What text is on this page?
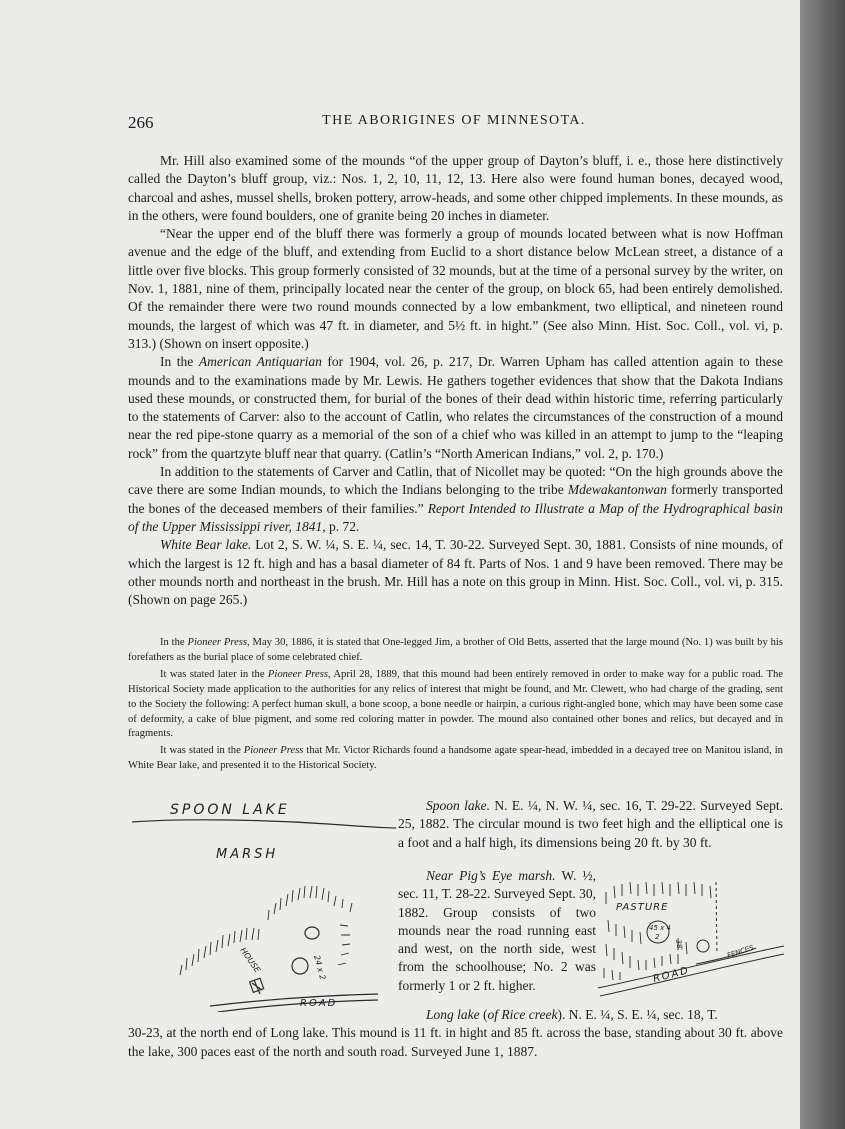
266	THE ABORIGINES OF MINNESOTA.

Mr. Hill also examined some of the mounds “of the upper group of Dayton’s bluff, i. e., those here distinctively called the Dayton’s bluff group, viz.: Nos. 1, 2, 10, 11, 12, 13. Here also were found human bones, decayed wood, charcoal and ashes, mussel shells, broken pottery, arrow-heads, and some other chipped implements. In these mounds, as in the others, were found boulders, one of granite being 20 inches in diameter.

“Near the upper end of the bluff there was formerly a group of mounds located between what is now Hoffman avenue and the edge of the bluff, and extending from Euclid to a short distance below McLean street, a distance of a little over five blocks. This group formerly consisted of 32 mounds, but at the time of a personal survey by the writer, on Nov. 1, 1881, nine of them, principally located near the center of the group, on block 65, had been entirely demolished. Of the remainder there were two round mounds connected by a low embankment, two elliptical, and nineteen round mounds, the largest of which was 47 ft. in diameter, and 5½ ft. in hight.” (See also Minn. Hist. Soc. Coll., vol. vi, p. 313.) (Shown on insert opposite.)

In the American Antiquarian for 1904, vol. 26, p. 217, Dr. Warren Upham has called attention again to these mounds and to the examinations made by Mr. Lewis. He gathers together evidences that show that the Dakota Indians used these mounds, or constructed them, for burial of the bones of their dead within historic time, referring particularly to the statements of Carver: also to the account of Catlin, who relates the circumstances of the construction of a mound near the red pipe-stone quarry as a memorial of the son of a chief who was killed in an attempt to jump to the “leaping rock” from the quartzyte bluff near that quarry. (Catlin’s “North American Indians,” vol. 2, p. 170.)

In addition to the statements of Carver and Catlin, that of Nicollet may be quoted: “On the high grounds above the cave there are some Indian mounds, to which the Indians belonging to the tribe Mdewakantonwan formerly transported the bones of the deceased members of their families.” Report Intended to Illustrate a Map of the Hydrographical basin of the Upper Mississippi river, 1841, p. 72.

White Bear lake. Lot 2, S. W. ¼, S. E. ¼, sec. 14, T. 30-22. Surveyed Sept. 30, 1881. Consists of nine mounds, of which the largest is 12 ft. high and has a basal diameter of 84 ft. Parts of Nos. 1 and 9 have been removed. There may be other mounds north and northeast in the brush. Mr. Hill has a note on this group in Minn. Hist. Soc. Coll., vol. vi, p. 315. (Shown on page 265.)

In the Pioneer Press, May 30, 1886, it is stated that One-legged Jim, a brother of Old Betts, asserted that the large mound (No. 1) was built by his forefathers as the burial place of some celebrated chief.

It was stated later in the Pioneer Press, April 28, 1889, that this mound had been entirely removed in order to make way for a public road. The Historical Society made application to the authorities for any relics of interest that might be found, and Mr. Clewett, who had charge of the grading, sent to the Society the following: A perfect human skull, a bone scoop, a bone needle or hairpin, a curious right-angled bone, which may have been some case of deformity, a cake of blue pigment, and some red coloring matter in powder. The mound also contained other bones and relics, but decayed and in fragments.

It was stated in the Pioneer Press that Mr. Victor Richards found a handsome agate spear-head, imbedded in a decayed tree on Manitou island, in White Bear lake, and presented it to the Historical Society.

SPOON LAKE
MARSH
HOUSE	24 x 2
ROAD

Spoon lake. N. E. ¼, N. W. ¼, sec. 16, T. 29-22. Surveyed Sept. 25, 1882. The circular mound is two feet high and the elliptical one is a foot and a half high, its dimensions being 20 ft. by 30 ft.

Near Pig’s Eye marsh. W. ½, sec. 11, T. 28-22. Surveyed Sept. 30, 1882. Group consists of two mounds near the road running east and west, on the north side, west from the schoolhouse; No. 2 was formerly 1 or 2 ft. higher.

PASTURE
45 x 4
2
38'	FENCES
ROAD

Long lake (of Rice creek). N. E. ¼, S. E. ¼, sec. 18, T.

30-23, at the north end of Long lake. This mound is 11 ft. in hight and 85 ft. across the base, standing about 30 ft. above the lake, 300 paces east of the north and south road. Surveyed June 1, 1887.
